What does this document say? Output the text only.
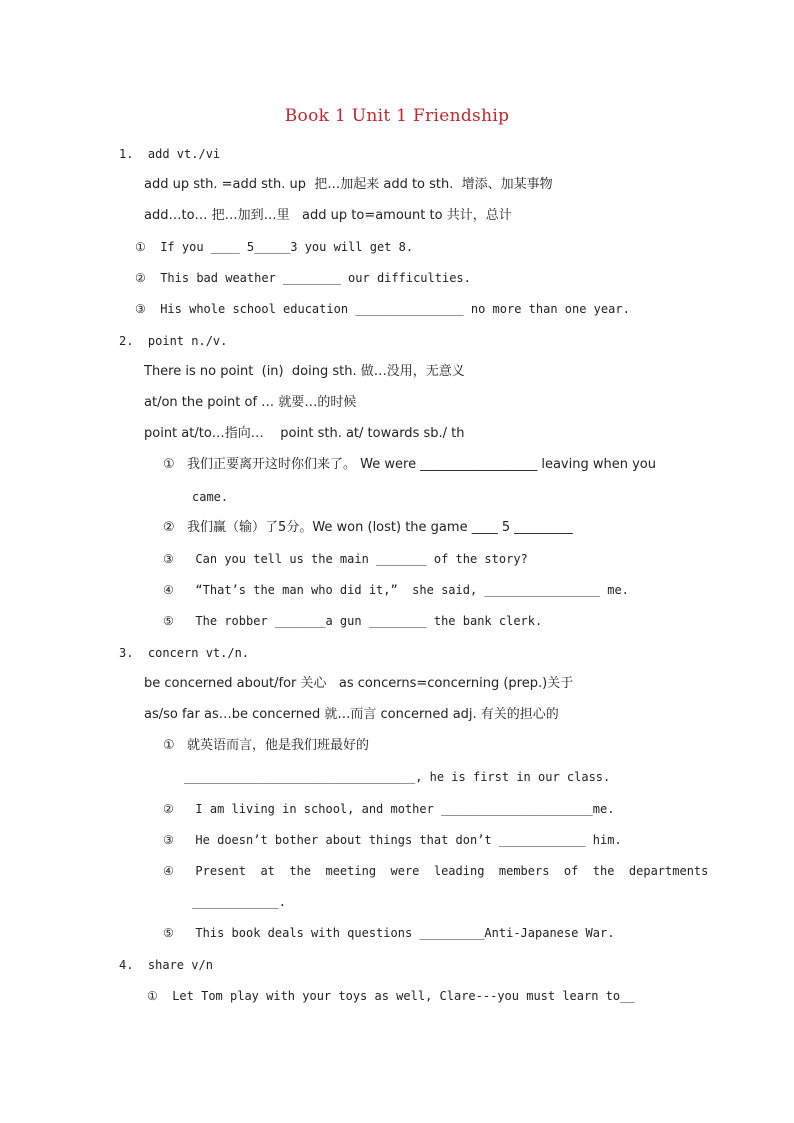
Book 1 Unit 1 Friendship
1.  add vt./vi
add up sth. =add sth. up  把…加起来 add to sth.  增添、加某事物
add…to… 把…加到…里   add up to=amount to 共计，总计
①  If you ____ 5_____3 you will get 8.
②  This bad weather ________ our difficulties.
③  His whole school education _______________ no more than one year.
2.  point n./v.
There is no point  (in)  doing sth. 做…没用，无意义
at/on the point of … 就要…的时候
point at/to…指向…    point sth. at/ towards sb./ th
①   我们正要离开这时你们来了。 We were __________________ leaving when you
came.
②   我们赢（输）了5分。We won (lost) the game ____ 5 _________
③   Can you tell us the main _______ of the story?
④   “That’s the man who did it,”  she said, ________________ me.
⑤   The robber _______a gun ________ the bank clerk.
3.  concern vt./n.
be concerned about/for 关心   as concerns=concerning (prep.)关于
as/so far as…be concerned 就…而言 concerned adj. 有关的担心的
①   就英语而言，他是我们班最好的
________________________________, he is first in our class.
②   I am living in school, and mother _____________________me.
③   He doesn’t bother about things that don’t ____________ him.
④   Present  at  the  meeting  were  leading  members  of  the  departments
____________.
⑤   This book deals with questions _________Anti-Japanese War.
4.  share v/n
①  Let Tom play with your toys as well, Clare---you must learn to__
